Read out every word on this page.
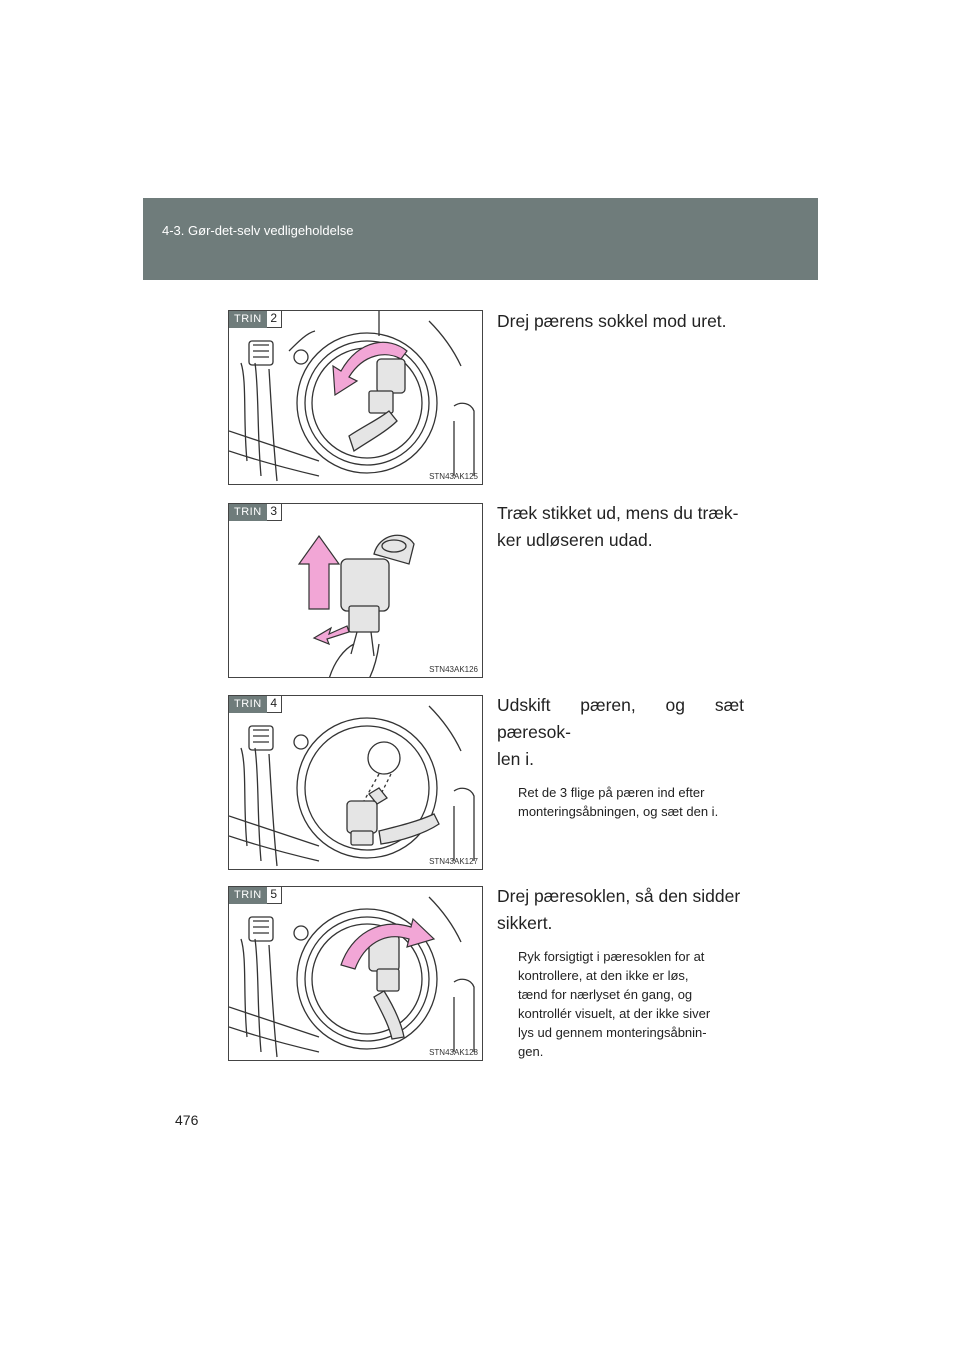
4-3. Gør-det-selv vedligeholdelse
TRIN 2
STN43AK125
Drej pærens sokkel mod uret.
TRIN 3
STN43AK126
Træk stikket ud, mens du træk-
ker udløseren udad.
TRIN 4
STN43AK127
Udskift pæren, og sæt pæresok-
len i.
Ret de 3 flige på pæren ind efter
monteringsåbningen, og sæt den i.
TRIN 5
STN43AK128
Drej pæresoklen, så den sidder
sikkert.
Ryk forsigtigt i pæresoklen for at
kontrollere, at den ikke er løs,
tænd for nærlyset én gang, og
kontrollér visuelt, at der ikke siver
lys ud gennem monteringsåbnin-
gen.
476
